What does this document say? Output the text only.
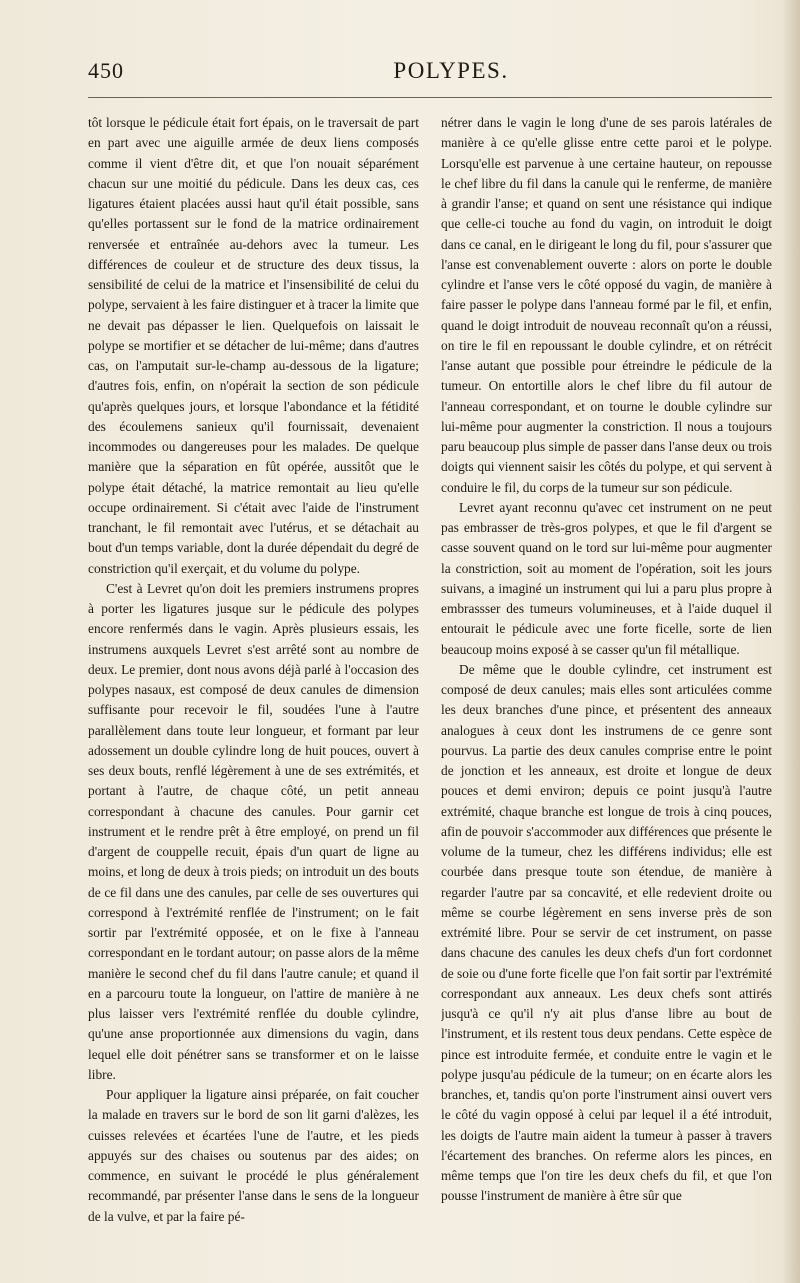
450	POLYPES.

tôt lorsque le pédicule était fort épais, on le traversait de part en part avec une aiguille armée de deux liens composés comme il vient d'être dit, et que l'on nouait séparément chacun sur une moitié du pédicule. Dans les deux cas, ces ligatures étaient placées aussi haut qu'il était possible, sans qu'elles portassent sur le fond de la matrice ordinairement renversée et entraînée au-dehors avec la tumeur. Les différences de couleur et de structure des deux tissus, la sensibilité de celui de la matrice et l'insensibilité de celui du polype, servaient à les faire distinguer et à tracer la limite que ne devait pas dépasser le lien. Quelquefois on laissait le polype se mortifier et se détacher de lui-même; dans d'autres cas, on l'amputait sur-le-champ au-dessous de la ligature; d'autres fois, enfin, on n'opérait la section de son pédicule qu'après quelques jours, et lorsque l'abondance et la fétidité des écoulemens sanieux qu'il fournissait, devenaient incommodes ou dangereuses pour les malades. De quelque manière que la séparation en fût opérée, aussitôt que le polype était détaché, la matrice remontait au lieu qu'elle occupe ordinairement. Si c'était avec l'aide de l'instrument tranchant, le fil remontait avec l'utérus, et se détachait au bout d'un temps variable, dont la durée dépendait du degré de constriction qu'il exerçait, et du volume du polype.

C'est à Levret qu'on doit les premiers instrumens propres à porter les ligatures jusque sur le pédicule des polypes encore renfermés dans le vagin. Après plusieurs essais, les instrumens auxquels Levret s'est arrêté sont au nombre de deux. Le premier, dont nous avons déjà parlé à l'occasion des polypes nasaux, est composé de deux canules de dimension suffisante pour recevoir le fil, soudées l'une à l'autre parallèlement dans toute leur longueur, et formant par leur adossement un double cylindre long de huit pouces, ouvert à ses deux bouts, renflé légèrement à une de ses extrémités, et portant à l'autre, de chaque côté, un petit anneau correspondant à chacune des canules. Pour garnir cet instrument et le rendre prêt à être employé, on prend un fil d'argent de couppelle recuit, épais d'un quart de ligne au moins, et long de deux à trois pieds; on introduit un des bouts de ce fil dans une des canules, par celle de ses ouvertures qui correspond à l'extrémité renflée de l'instrument; on le fait sortir par l'extrémité opposée, et on le fixe à l'anneau correspondant en le tordant autour; on passe alors de la même manière le second chef du fil dans l'autre canule; et quand il en a parcouru toute la longueur, on l'attire de manière à ne plus laisser vers l'extrémité renflée du double cylindre, qu'une anse proportionnée aux dimensions du vagin, dans lequel elle doit pénétrer sans se transformer et on le laisse libre.

Pour appliquer la ligature ainsi préparée, on fait coucher la malade en travers sur le bord de son lit garni d'alèzes, les cuisses relevées et écartées l'une de l'autre, et les pieds appuyés sur des chaises ou soutenus par des aides; on commence, en suivant le procédé le plus généralement recommandé, par présenter l'anse dans le sens de la longueur de la vulve, et par la faire pé-

nétrer dans le vagin le long d'une de ses parois latérales de manière à ce qu'elle glisse entre cette paroi et le polype. Lorsqu'elle est parvenue à une certaine hauteur, on repousse le chef libre du fil dans la canule qui le renferme, de manière à grandir l'anse; et quand on sent une résistance qui indique que celle-ci touche au fond du vagin, on introduit le doigt dans ce canal, en le dirigeant le long du fil, pour s'assurer que l'anse est convenablement ouverte : alors on porte le double cylindre et l'anse vers le côté opposé du vagin, de manière à faire passer le polype dans l'anneau formé par le fil, et enfin, quand le doigt introduit de nouveau reconnaît qu'on a réussi, on tire le fil en repoussant le double cylindre, et on rétrécit l'anse autant que possible pour étreindre le pédicule de la tumeur. On entortille alors le chef libre du fil autour de l'anneau correspondant, et on tourne le double cylindre sur lui-même pour augmenter la constriction. Il nous a toujours paru beaucoup plus simple de passer dans l'anse deux ou trois doigts qui viennent saisir les côtés du polype, et qui servent à conduire le fil, du corps de la tumeur sur son pédicule.

Levret ayant reconnu qu'avec cet instrument on ne peut pas embrasser de très-gros polypes, et que le fil d'argent se casse souvent quand on le tord sur lui-même pour augmenter la constriction, soit au moment de l'opération, soit les jours suivans, a imaginé un instrument qui lui a paru plus propre à embrassser des tumeurs volumineuses, et à l'aide duquel il entourait le pédicule avec une forte ficelle, sorte de lien beaucoup moins exposé à se casser qu'un fil métallique.

De même que le double cylindre, cet instrument est composé de deux canules; mais elles sont articulées comme les deux branches d'une pince, et présentent des anneaux analogues à ceux dont les instrumens de ce genre sont pourvus. La partie des deux canules comprise entre le point de jonction et les anneaux, est droite et longue de deux pouces et demi environ; depuis ce point jusqu'à l'autre extrémité, chaque branche est longue de trois à cinq pouces, afin de pouvoir s'accommoder aux différences que présente le volume de la tumeur, chez les différens individus; elle est courbée dans presque toute son étendue, de manière à regarder l'autre par sa concavité, et elle redevient droite ou même se courbe légèrement en sens inverse près de son extrémité libre. Pour se servir de cet instrument, on passe dans chacune des canules les deux chefs d'un fort cordonnet de soie ou d'une forte ficelle que l'on fait sortir par l'extrémité correspondant aux anneaux. Les deux chefs sont attirés jusqu'à ce qu'il n'y ait plus d'anse libre au bout de l'instrument, et ils restent tous deux pendans. Cette espèce de pince est introduite fermée, et conduite entre le vagin et le polype jusqu'au pédicule de la tumeur; on en écarte alors les branches, et, tandis qu'on porte l'instrument ainsi ouvert vers le côté du vagin opposé à celui par lequel il a été introduit, les doigts de l'autre main aident la tumeur à passer à travers l'écartement des branches. On referme alors les pinces, en même temps que l'on tire les deux chefs du fil, et que l'on pousse l'instrument de manière à être sûr que
